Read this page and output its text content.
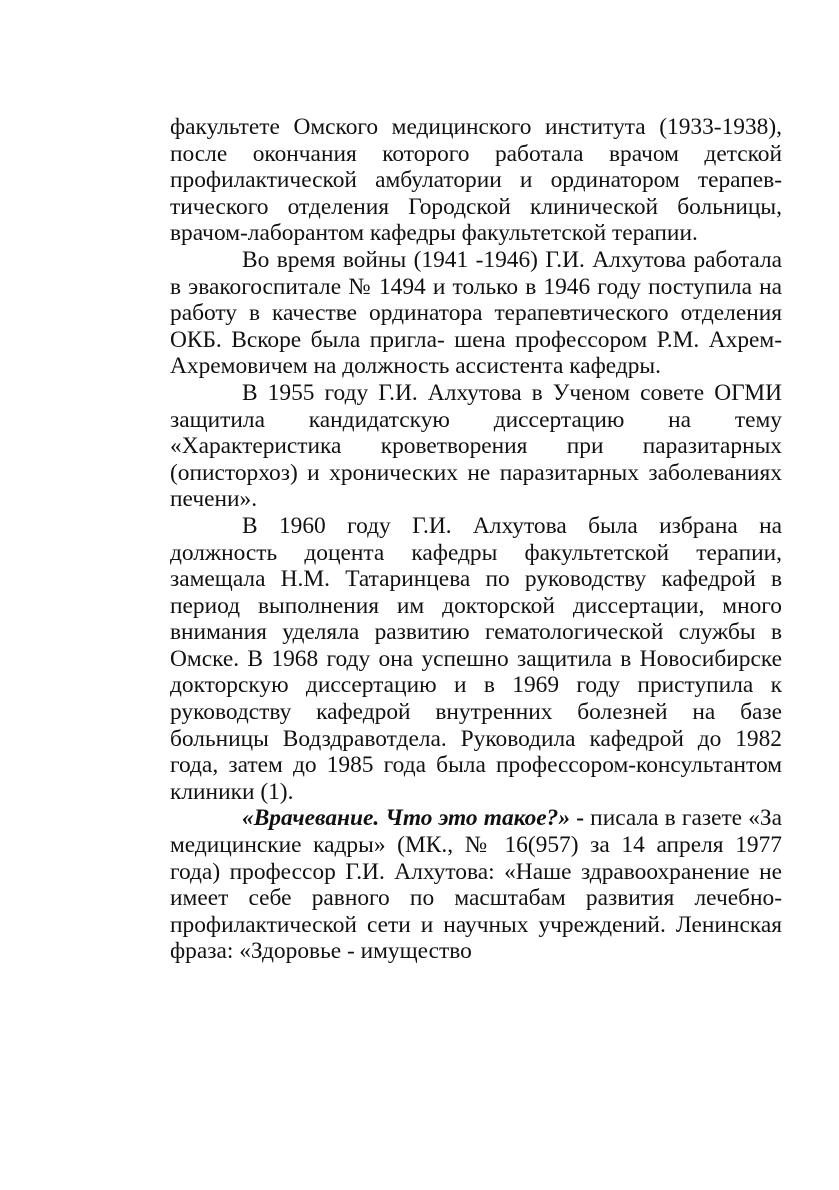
факультете Омского медицинского института (1933-1938), после окончания которого работала врачом детской профилактической амбулатории и ординатором терапев- тического отделения Городской клинической больницы, врачом-лаборантом кафедры факультетской терапии.

Во время войны (1941 -1946) Г.И. Алхутова работала в эвакогоспитале № 1494 и только в 1946 году поступила на работу в качестве ординатора терапевтического отделения ОКБ. Вскоре была пригла- шена профессором Р.М. Ахрем-Ахремовичем на должность ассистента кафедры.

В 1955 году Г.И. Алхутова в Ученом совете ОГМИ защитила кандидатскую диссертацию на тему «Характеристика кроветворения при паразитарных (описторхоз) и хронических не паразитарных заболеваниях печени».

В 1960 году Г.И. Алхутова была избрана на должность доцента кафедры факультетской терапии, замещала Н.М. Татаринцева по руководству кафедрой в период выполнения им докторской диссертации, много внимания уделяла развитию гематологической службы в Омске. В 1968 году она успешно защитила в Новосибирске докторскую диссертацию и в 1969 году приступила к руководству кафедрой внутренних болезней на базе больницы Водздравотдела. Руководила кафедрой до 1982 года, затем до 1985 года была профессором-консультантом клиники (1).

«Врачевание. Что это такое?» - писала в газете «За медицинские кадры» (МК., № 16(957) за 14 апреля 1977 года) профессор Г.И. Алхутова: «Наше здравоохранение не имеет себе равного по масштабам развития лечебно-профилактической сети и научных учреждений. Ленинская фраза: «Здоровье - имущество
